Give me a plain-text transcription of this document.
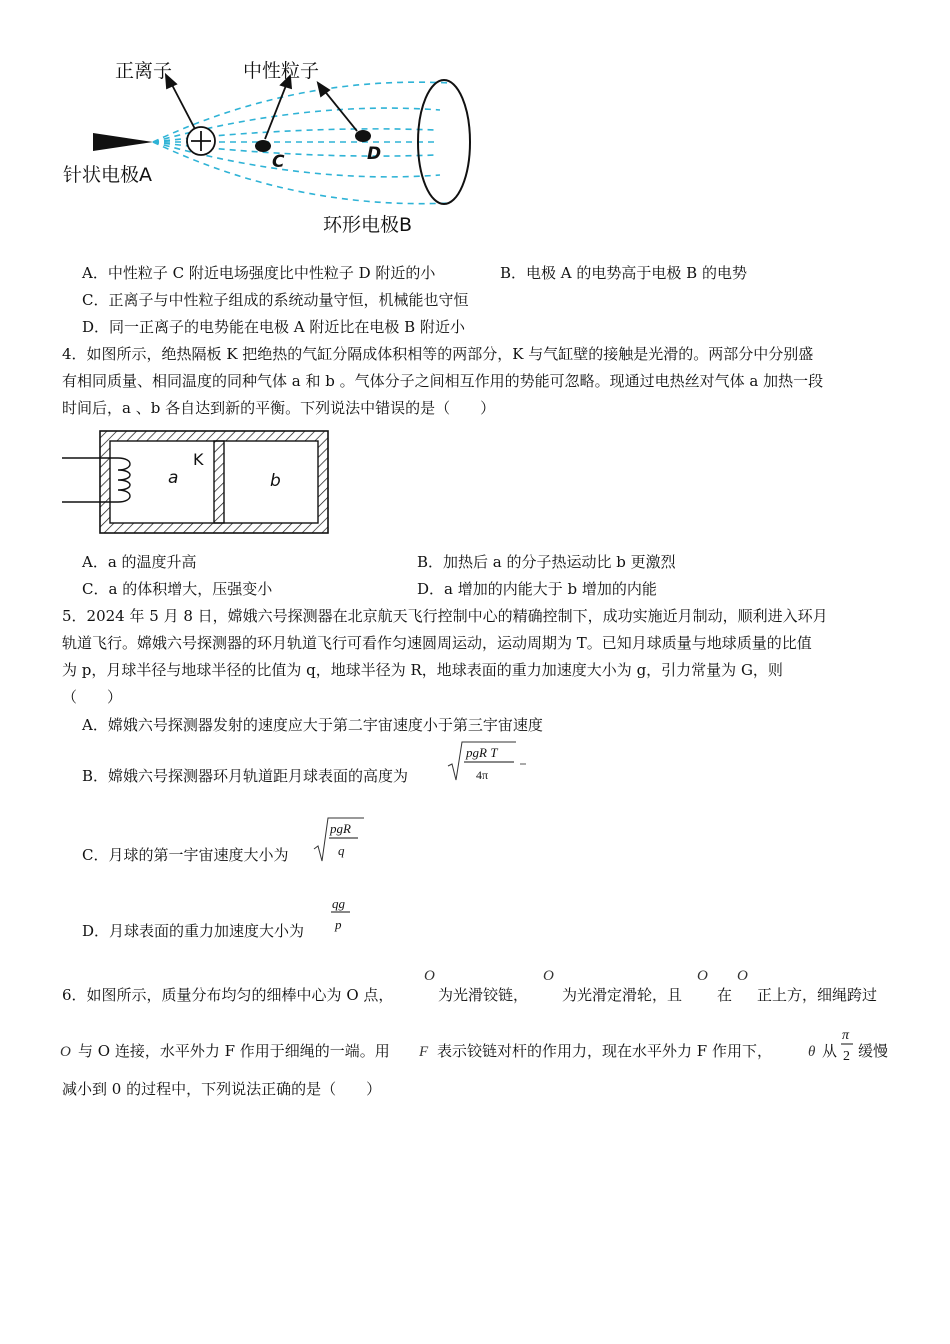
正离子	中性粒子
C	D
针状电极A
环形电极B
A．中性粒子 C 附近电场强度比中性粒子 D 附近的小	B．电极 A 的电势高于电极 B 的电势
C．正离子与中性粒子组成的系统动量守恒，机械能也守恒
D．同一正离子的电势能在电极 A 附近比在电极 B 附近小
4．如图所示，绝热隔板 K 把绝热的气缸分隔成体积相等的两部分，K 与气缸壁的接触是光滑的。两部分中分别盛
有相同质量、相同温度的同种气体 a 和 b 。气体分子之间相互作用的势能可忽略。现通过电热丝对气体 a 加热一段
时间后，a 、b 各自达到新的平衡。下列说法中错误的是（　　）
K
a	b
A．a 的温度升高	B．加热后 a 的分子热运动比 b 更激烈
C．a 的体积增大，压强变小	D．a 增加的内能大于 b 增加的内能
5．2024 年 5 月 8 日，嫦娥六号探测器在北京航天飞行控制中心的精确控制下，成功实施近月制动，顺利进入环月
轨道飞行。嫦娥六号探测器的环月轨道飞行可看作匀速圆周运动，运动周期为 T。已知月球质量与地球质量的比值
为 p，月球半径与地球半径的比值为 q，地球半径为 R，地球表面的重力加速度大小为 g，引力常量为 G，则
（　　）
A．嫦娥六号探测器发射的速度应大于第二宇宙速度小于第三宇宙速度
B．嫦娥六号探测器环月轨道距月球表面的高度为
pgR T
4π
C．月球的第一宇宙速度大小为
pgR
q
D．月球表面的重力加速度大小为
qg
p
6．如图所示，质量分布均匀的细棒中心为 O 点，
O
为光滑铰链，
O
为光滑定滑轮，且
O
在
O
正上方，细绳跨过
O 与 O 连接，水平外力 F 作用于细绳的一端。用 F 表示铰链对杆的作用力，现在水平外力 F 作用下， θ 从
π
2 缓慢
减小到 0 的过程中，下列说法正确的是（　　）
